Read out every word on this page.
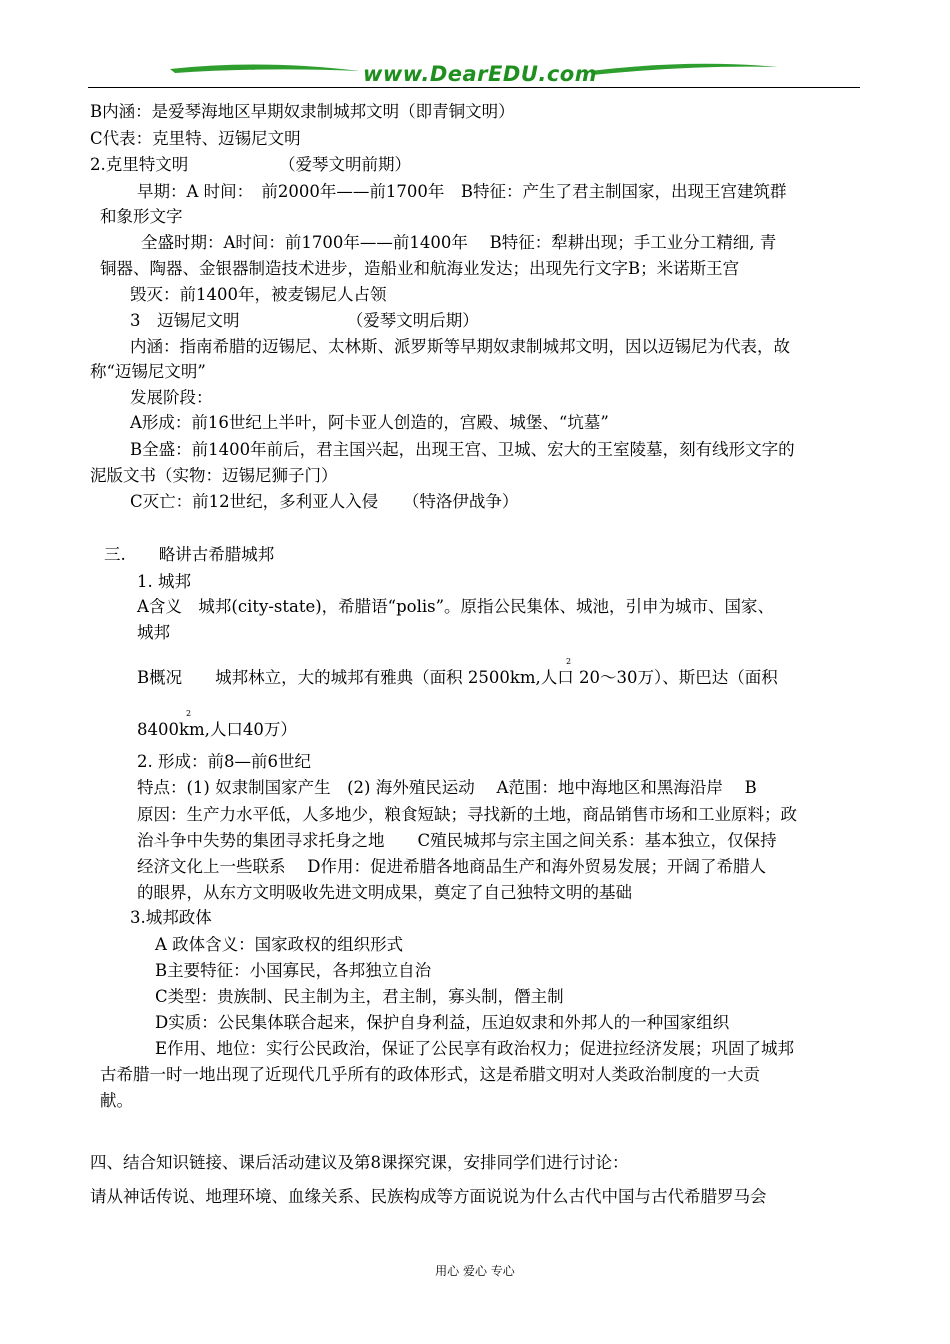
www.DearEDU.com
B内涵：是爱琴海地区早期奴隶制城邦文明（即青铜文明）
C代表：克里特、迈锡尼文明
2.克里特文明　　　　　　（爱琴文明前期）
早期：A 时间：　前2000年——前1700年　B特征：产生了君主制国家，出现王宫建筑群
和象形文字
全盛时期：A时间：前1700年——前1400年　 B特征：犁耕出现；手工业分工精细, 青
铜器、陶器、金银器制造技术进步，造船业和航海业发达；出现先行文字B；米诺斯王宫
毁灭：前1400年，被麦锡尼人占领
3　迈锡尼文明　　　　　　　（爱琴文明后期）
内涵：指南希腊的迈锡尼、太林斯、派罗斯等早期奴隶制城邦文明，因以迈锡尼为代表，故
称“迈锡尼文明”
发展阶段：
A形成：前16世纪上半叶，阿卡亚人创造的，宫殿、城堡、“坑墓”
B全盛：前1400年前后，君主国兴起，出现王宫、卫城、宏大的王室陵墓，刻有线形文字的
泥版文书（实物：迈锡尼狮子门）
C灭亡：前12世纪，多利亚人入侵　　（特洛伊战争）
三.　　略讲古希腊城邦
1. 城邦
A含义　城邦(city-state)，希腊语“polis”。原指公民集体、城池，引申为城市、国家、
城邦
2
B概况　　城邦林立，大的城邦有雅典（面积 2500km,人口 20～30万）、斯巴达（面积
2
8400km,人口40万）
2. 形成：前8—前6世纪
特点：(1) 奴隶制国家产生　(2) 海外殖民运动　 A范围：地中海地区和黑海沿岸　 B
原因：生产力水平低，人多地少，粮食短缺；寻找新的土地，商品销售市场和工业原料；政
治斗争中失势的集团寻求托身之地　　C殖民城邦与宗主国之间关系：基本独立，仅保持
经济文化上一些联系　 D作用：促进希腊各地商品生产和海外贸易发展；开阔了希腊人
的眼界，从东方文明吸收先进文明成果，奠定了自己独特文明的基础
3.城邦政体
A 政体含义：国家政权的组织形式
B主要特征：小国寡民，各邦独立自治
C类型：贵族制、民主制为主，君主制，寡头制，僭主制
D实质：公民集体联合起来，保护自身利益，压迫奴隶和外邦人的一种国家组织
E作用、地位：实行公民政治，保证了公民享有政治权力；促进拉经济发展；巩固了城邦
古希腊一时一地出现了近现代几乎所有的政体形式，这是希腊文明对人类政治制度的一大贡
献。
四、结合知识链接、课后活动建议及第8课探究课，安排同学们进行讨论：
请从神话传说、地理环境、血缘关系、民族构成等方面说说为什么古代中国与古代希腊罗马会
用心 爱心 专心
